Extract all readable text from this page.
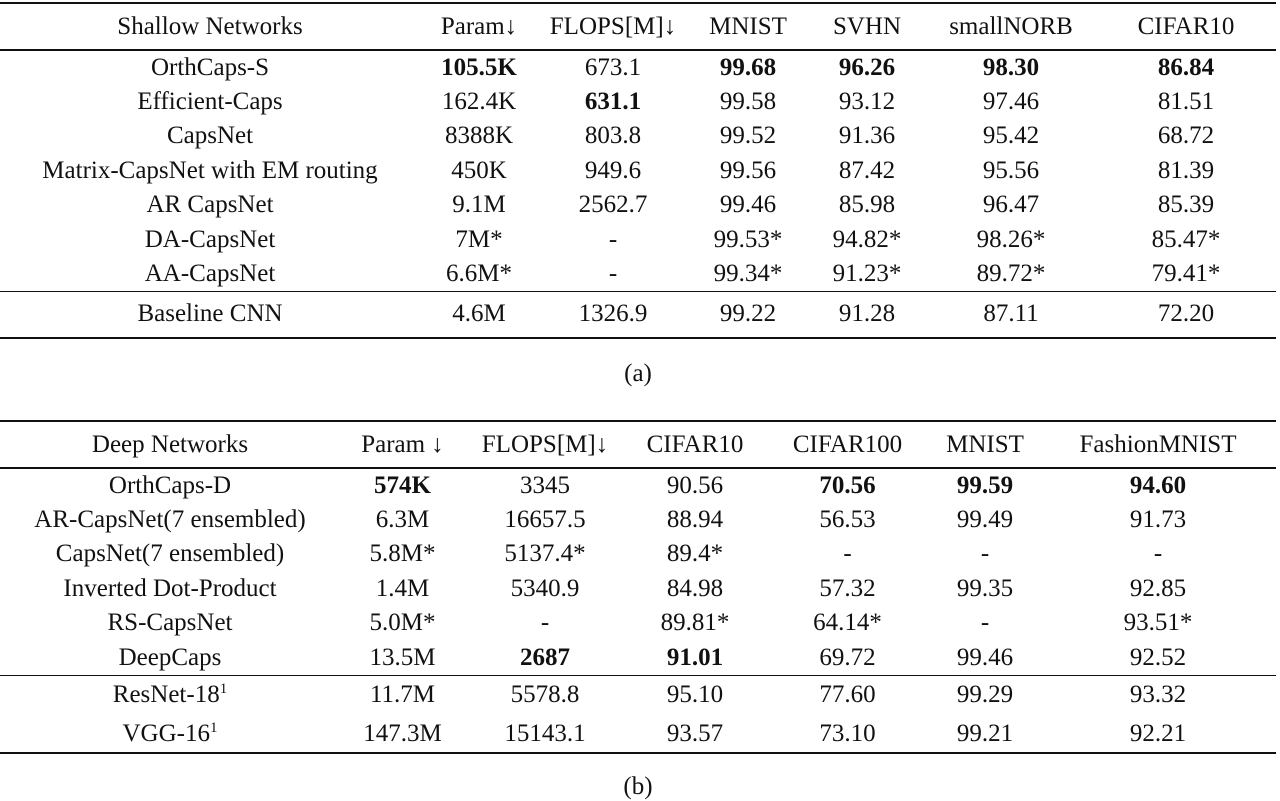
Shallow Networks	Param↓	FLOPS[M]↓	MNIST	SVHN	smallNORB	CIFAR10
OrthCaps-S	105.5K	673.1	99.68	96.26	98.30	86.84
Efficient-Caps	162.4K	631.1	99.58	93.12	97.46	81.51
CapsNet	8388K	803.8	99.52	91.36	95.42	68.72
Matrix-CapsNet with EM routing	450K	949.6	99.56	87.42	95.56	81.39
AR CapsNet	9.1M	2562.7	99.46	85.98	96.47	85.39
DA-CapsNet	7M*	-	99.53*	94.82*	98.26*	85.47*
AA-CapsNet	6.6M*	-	99.34*	91.23*	89.72*	79.41*
Baseline CNN	4.6M	1326.9	99.22	91.28	87.11	72.20
(a)
Deep Networks	Param ↓	FLOPS[M]↓	CIFAR10	CIFAR100	MNIST	FashionMNIST
OrthCaps-D	574K	3345	90.56	70.56	99.59	94.60
AR-CapsNet(7 ensembled)	6.3M	16657.5	88.94	56.53	99.49	91.73
CapsNet(7 ensembled)	5.8M*	5137.4*	89.4*	-	-	-
Inverted Dot-Product	1.4M	5340.9	84.98	57.32	99.35	92.85
RS-CapsNet	5.0M*	-	89.81*	64.14*	-	93.51*
DeepCaps	13.5M	2687	91.01	69.72	99.46	92.52
ResNet-$18^1$	11.7M	5578.8	95.10	77.60	99.29	93.32
VGG-$16^1$	147.3M	15143.1	93.57	73.10	99.21	92.21
(b)
